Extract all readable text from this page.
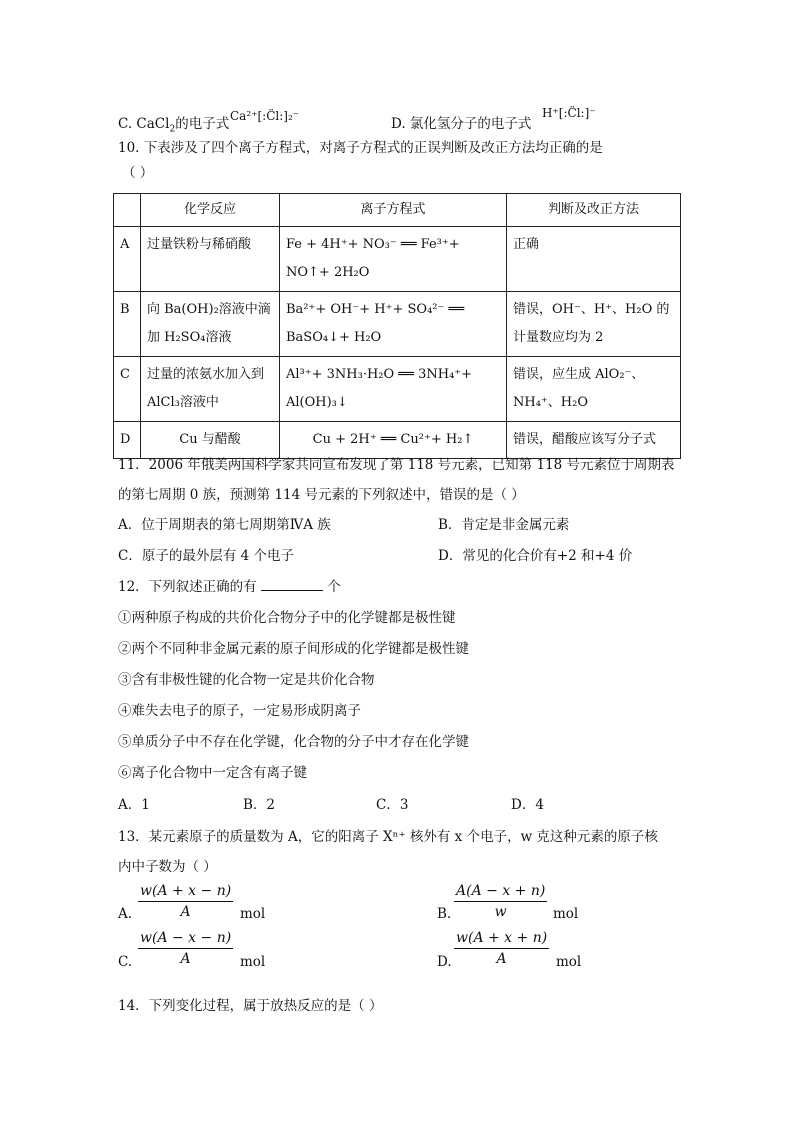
C. CaCl$_2$的电子式 Ca²⁺[:C̈l:]₂⁻	D. 氯化氢分子的电子式
H⁺[:C̈l:]⁻
10. 下表涉及了四个离子方程式，对离子方程式的正误判断及改正方法均正确的是
（ ）
	化学反应	离子方程式	判断及改正方法
A	过量铁粉与稀硝酸	Fe + 4H⁺+ NO₃⁻ ══ Fe³⁺+ NO↑+ 2H₂O	正确
B	向 Ba(OH)₂溶液中滴加 H₂SO₄溶液	Ba²⁺+ OH⁻+ H⁺+ SO₄²⁻ ══ BaSO₄↓+ H₂O	错误，OH⁻、H⁺、H₂O 的计量数应均为 2
C	过量的浓氨水加入到 AlCl₃溶液中	Al³⁺+ 3NH₃·H₂O ══ 3NH₄⁺+ Al(OH)₃↓	错误，应生成 AlO₂⁻、NH₄⁺、H₂O
D	Cu 与醋酸	Cu + 2H⁺ ══ Cu²⁺+ H₂↑	错误，醋酸应该写分子式
11．2006 年俄美两国科学家共同宣布发现了第 118 号元素，已知第 118 号元素位于周期表
的第七周期 0 族，预测第 114 号元素的下列叙述中，错误的是（ ）
A．位于周期表的第七周期第ⅣA 族	B．肯定是非金属元素
C．原子的最外层有 4 个电子	D．常见的化合价有+2 和+4 价
12．下列叙述正确的有	个
①两种原子构成的共价化合物分子中的化学键都是极性键
②两个不同种非金属元素的原子间形成的化学键都是极性键
③含有非极性键的化合物一定是共价化合物
④难失去电子的原子，一定易形成阴离子
⑤单质分子中不存在化学键，化合物的分子中才存在化学键
⑥离子化合物中一定含有离子键
A．1	B．2	C．3	D．4
13．某元素原子的质量数为 A，它的阳离子 Xⁿ⁺ 核外有 x 个电子，w 克这种元素的原子核
内中子数为（ ）
A. $\frac{w(A + x - n)}{A}$ mol	B. $\frac{A(A - x + n)}{w}$ mol
C. $\frac{w(A - x - n)}{A}$ mol	D. $\frac{w(A + x + n)}{A}$ mol
14．下列变化过程，属于放热反应的是（ ）
